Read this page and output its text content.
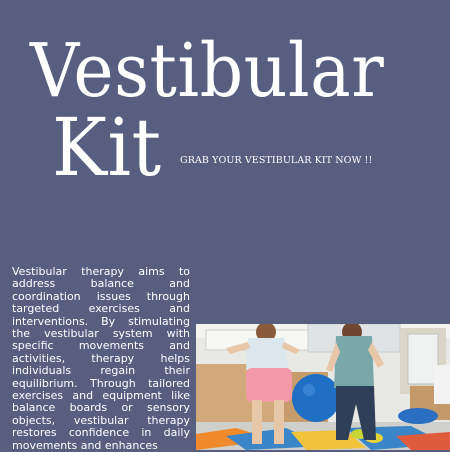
Vestibular
Kit GRAB YOUR VESTIBULAR KIT NOW !!

Vestibular therapy aims to address balance and coordination issues through targeted exercises and interventions. By stimulating the vestibular system with specific movements and activities, therapy helps individuals regain their equilibrium. Through tailored exercises and equipment like balance boards or sensory objects, vestibular therapy restores confidence in daily movements and enhances
